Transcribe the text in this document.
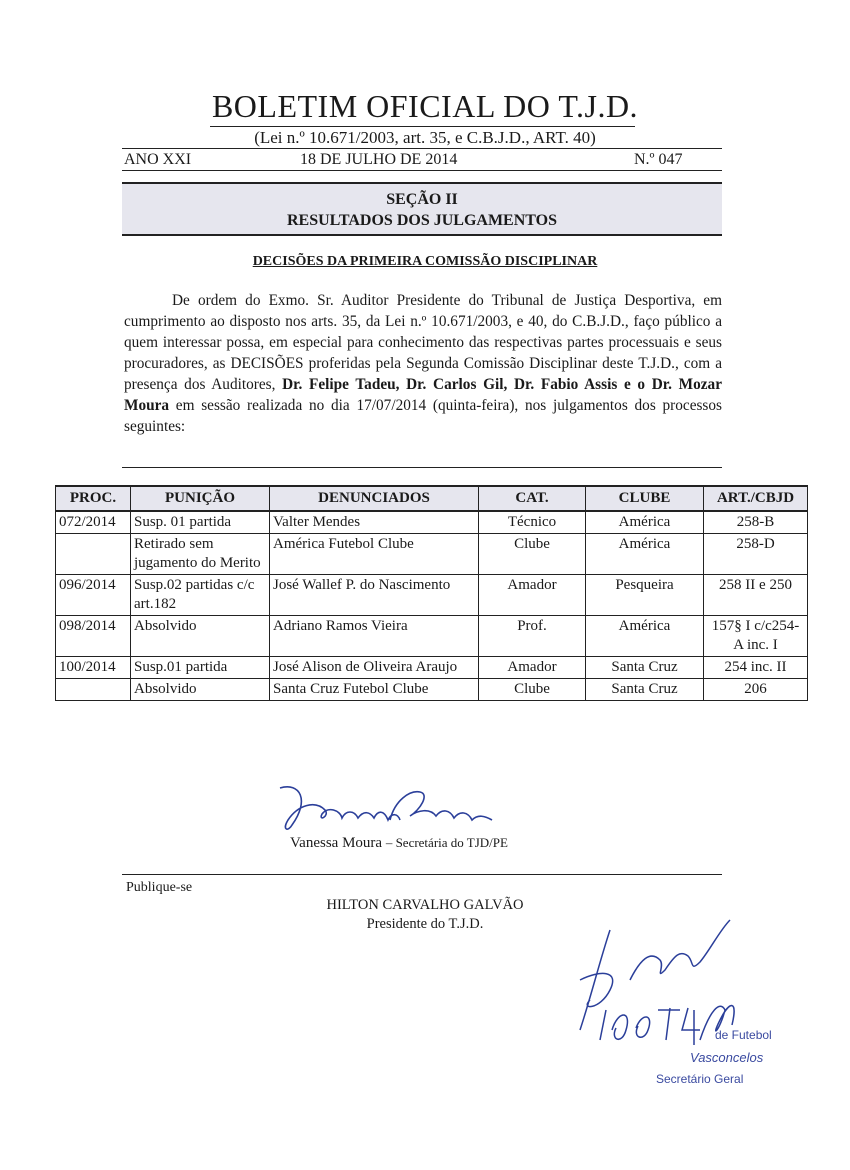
BOLETIM OFICIAL DO T.J.D.
(Lei n.º 10.671/2003, art. 35, e C.B.J.D., ART. 40)
ANO XXI	18 DE JULHO DE 2014	N.º 047
SEÇÃO II
RESULTADOS DOS JULGAMENTOS
DECISÕES DA PRIMEIRA COMISSÃO DISCIPLINAR

De ordem do Exmo. Sr. Auditor Presidente do Tribunal de Justiça Desportiva, em cumprimento ao disposto nos arts. 35, da Lei n.º 10.671/2003, e 40, do C.B.J.D., faço público a quem interessar possa, em especial para conhecimento das respectivas partes processuais e seus procuradores, as DECISÕES proferidas pela Segunda Comissão Disciplinar deste T.J.D., com a presença dos Auditores, Dr. Felipe Tadeu, Dr. Carlos Gil, Dr. Fabio Assis e o Dr. Mozar Moura em sessão realizada no dia 17/07/2014 (quinta-feira), nos julgamentos dos processos seguintes:

PROC.	PUNIÇÃO	DENUNCIADOS	CAT.	CLUBE	ART./CBJD
072/2014	Susp. 01 partida	Valter Mendes	Técnico	América	258-B
	Retirado sem jugamento do Merito	América Futebol Clube	Clube	América	258-D
096/2014	Susp.02 partidas c/c art.182	José Wallef P. do Nascimento	Amador	Pesqueira	258 II e 250
098/2014	Absolvido	Adriano Ramos Vieira	Prof.	América	157§ I c/c254-A inc. I
100/2014	Susp.01 partida	José Alison de Oliveira Araujo	Amador	Santa Cruz	254 inc. II
	Absolvido	Santa Cruz Futebol Clube	Clube	Santa Cruz	206
Vanessa Moura – Secretária do TJD/PE
Publique-se
HILTON CARVALHO GALVÃO
Presidente do T.J.D.
de Futebol
Vasconcelos
Secretário Geral
